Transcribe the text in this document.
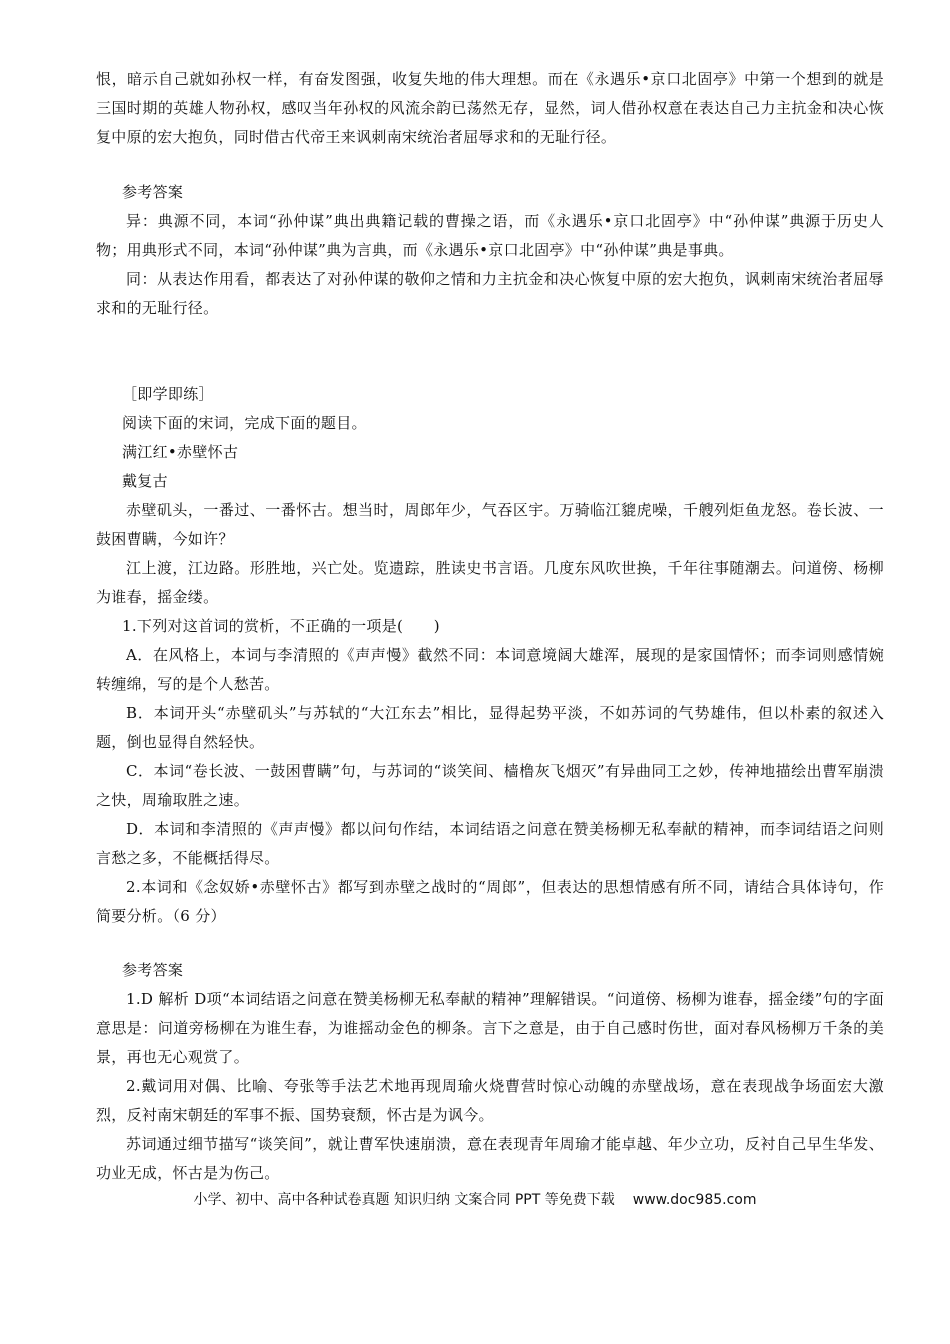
恨，暗示自己就如孙权一样，有奋发图强，收复失地的伟大理想。而在《永遇乐•京口北固亭》中第一个想到的就是三国时期的英雄人物孙权，感叹当年孙权的风流余韵已荡然无存，显然，词人借孙权意在表达自己力主抗金和决心恢复中原的宏大抱负，同时借古代帝王来讽刺南宋统治者屈辱求和的无耻行径。

参考答案

异：典源不同，本词“孙仲谋”典出典籍记载的曹操之语，而《永遇乐•京口北固亭》中“孙仲谋”典源于历史人物；用典形式不同，本词“孙仲谋”典为言典，而《永遇乐•京口北固亭》中“孙仲谋”典是事典。

同：从表达作用看，都表达了对孙仲谋的敬仰之情和力主抗金和决心恢复中原的宏大抱负，讽刺南宋统治者屈辱求和的无耻行径。

［即学即练］

阅读下面的宋词，完成下面的题目。

满江红•赤壁怀古

戴复古

赤壁矶头，一番过、一番怀古。想当时，周郎年少，气吞区宇。万骑临江貔虎噪，千艘列炬鱼龙怒。卷长波、一鼓困曹瞒，今如许？

江上渡，江边路。形胜地，兴亡处。览遗踪，胜读史书言语。几度东风吹世换，千年往事随潮去。问道傍、杨柳为谁春，摇金缕。

1.下列对这首词的赏析，不正确的一项是(　　)

A．在风格上，本词与李清照的《声声慢》截然不同：本词意境阔大雄浑，展现的是家国情怀；而李词则感情婉转缠绵，写的是个人愁苦。

B．本词开头“赤壁矶头”与苏轼的“大江东去”相比，显得起势平淡，不如苏词的气势雄伟，但以朴素的叙述入题，倒也显得自然轻快。

C．本词“卷长波、一鼓困曹瞒”句，与苏词的“谈笑间、樯橹灰飞烟灭”有异曲同工之妙，传神地描绘出曹军崩溃之快，周瑜取胜之速。

D．本词和李清照的《声声慢》都以问句作结，本词结语之问意在赞美杨柳无私奉献的精神，而李词结语之问则言愁之多，不能概括得尽。

2.本词和《念奴娇•赤壁怀古》都写到赤壁之战时的“周郎”，但表达的思想情感有所不同，请结合具体诗句，作简要分析。（6 分）

参考答案

1.D 解析 D项“本词结语之问意在赞美杨柳无私奉献的精神”理解错误。“问道傍、杨柳为谁春，摇金缕”句的字面意思是：问道旁杨柳在为谁生春，为谁摇动金色的柳条。言下之意是，由于自己感时伤世，面对春风杨柳万千条的美景，再也无心观赏了。

2.戴词用对偶、比喻、夸张等手法艺术地再现周瑜火烧曹营时惊心动魄的赤壁战场，意在表现战争场面宏大激烈，反衬南宋朝廷的军事不振、国势衰颓，怀古是为讽今。

苏词通过细节描写“谈笑间”，就让曹军快速崩溃，意在表现青年周瑜才能卓越、年少立功，反衬自己早生华发、功业无成，怀古是为伤己。

小学、初中、高中各种试卷真题 知识归纳 文案合同 PPT 等免费下载 www.doc985.com
